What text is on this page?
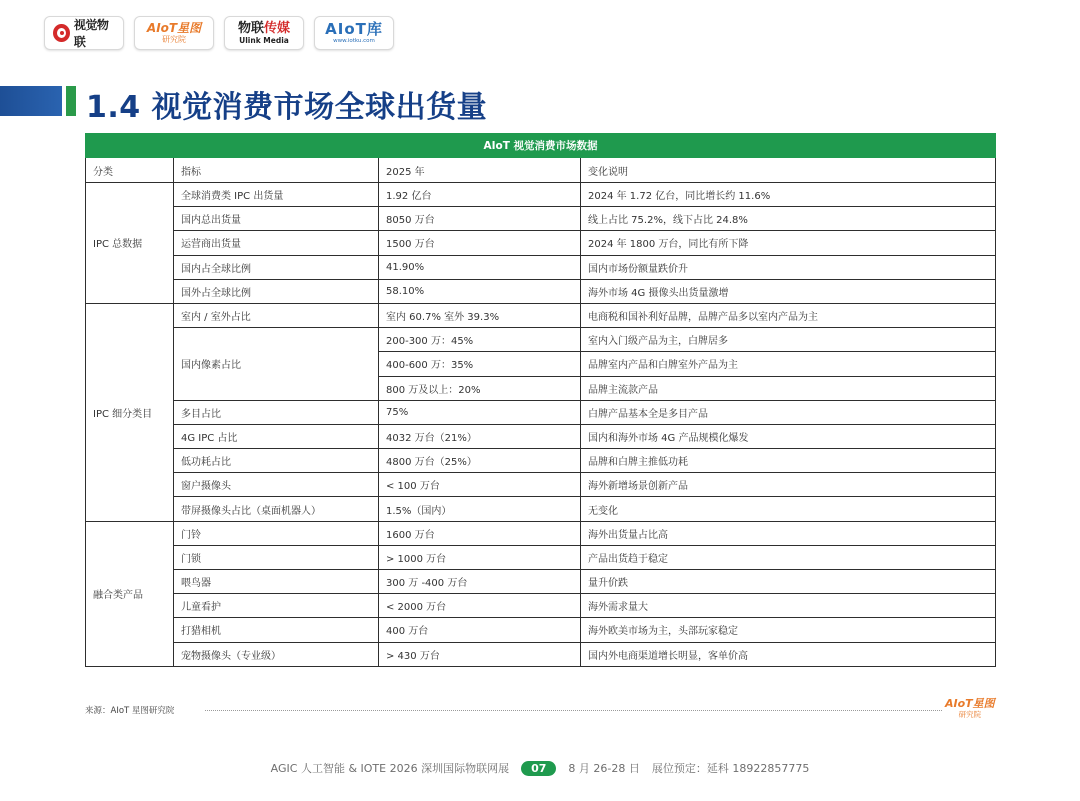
视觉物联
AIoT星图
研究院
物联传媒
Ulink Media
AIoT库
www.iotku.com
1.4 视觉消费市场全球出货量
AIoT 视觉消费市场数据			
分类	指标	2025 年	变化说明
IPC 总数据	全球消费类 IPC 出货量	1.92 亿台	2024 年 1.72 亿台，同比增长约 11.6%
	国内总出货量	8050 万台	线上占比 75.2%，线下占比 24.8%
	运营商出货量	1500 万台	2024 年 1800 万台，同比有所下降
	国内占全球比例	41.90%	国内市场份额量跌价升
	国外占全球比例	58.10%	海外市场 4G 摄像头出货量激增
IPC 细分类目	室内 / 室外占比	室内 60.7% 室外 39.3%	电商税和国补利好品牌，品牌产品多以室内产品为主
	国内像素占比	200-300 万：45%	室内入门级产品为主，白牌居多
		400-600 万：35%	品牌室内产品和白牌室外产品为主
		800 万及以上：20%	品牌主流款产品
	多目占比	75%	白牌产品基本全是多目产品
	4G IPC 占比	4032 万台（21%）	国内和海外市场 4G 产品规模化爆发
	低功耗占比	4800 万台（25%）	品牌和白牌主推低功耗
	窗户摄像头	< 100 万台	海外新增场景创新产品
	带屏摄像头占比（桌面机器人）	1.5%（国内）	无变化
融合类产品	门铃	1600 万台	海外出货量占比高
	门锁	> 1000 万台	产品出货趋于稳定
	喂鸟器	300 万 -400 万台	量升价跌
	儿童看护	< 2000 万台	海外需求量大
	打猎相机	400 万台	海外欧美市场为主，头部玩家稳定
	宠物摄像头（专业级）	> 430 万台	国内外电商渠道增长明显，客单价高
来源：AIoT 星图研究院
AIoT星图
研究院
AGIC 人工智能 & IOTE 2026 深圳国际物联网展	07	8 月 26-28 日 展位预定：延科 18922857775
